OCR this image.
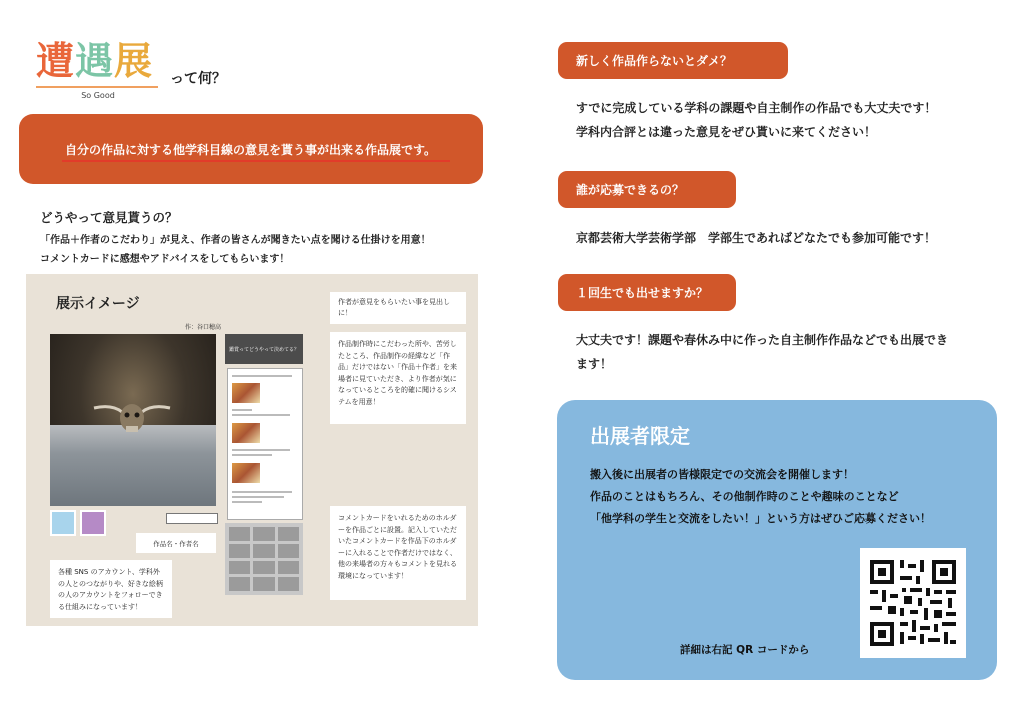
遭 遇 展
So Good
って何？
自分の作品に対する他学科目線の意見を貰う事が出来る作品展です。
どうやって意見貰うの？
「作品＋作者のこだわり」が見え、作者の皆さんが聞きたい点を聞ける仕掛けを用意！
コメントカードに感想やアドバイスをしてもらいます！
展示イメージ
作：谷口穂高
作品名・作者名
鑑賞ってどうやって決めてる？
作者が意見をもらいたい事を見出しに！
作品制作時にこだわった所や、苦労したところ、作品制作の経緯など「作品」だけではない「作品＋作者」を来場者に見ていただき、より作者が気になっているところを的確に聞けるシステムを用意！
コメントカードをいれるためのホルダーを作品ごとに設置。記入していただいたコメントカードを作品下のホルダーに入れることで作者だけではなく、他の来場者の方々もコメントを見れる環境になっています！
各種 SNS のアカウント、学科外の人とのつながりや、好きな絵柄の人のアカウントをフォローできる仕組みになっています！
新しく作品作らないとダメ？
すでに完成している学科の課題や自主制作の作品でも大丈夫です！
学科内合評とは違った意見をぜひ貰いに来てください！
誰が応募できるの？
京都芸術大学芸術学部　学部生であればどなたでも参加可能です！
１回生でも出せますか？
大丈夫です！課題や春休み中に作った自主制作作品などでも出展でき
ます！
出展者限定
搬入後に出展者の皆様限定での交流会を開催します！
作品のことはもちろん、その他制作時のことや趣味のことなど
「他学科の学生と交流をしたい！」という方はぜひご応募ください！
詳細は右記 QR コードから
